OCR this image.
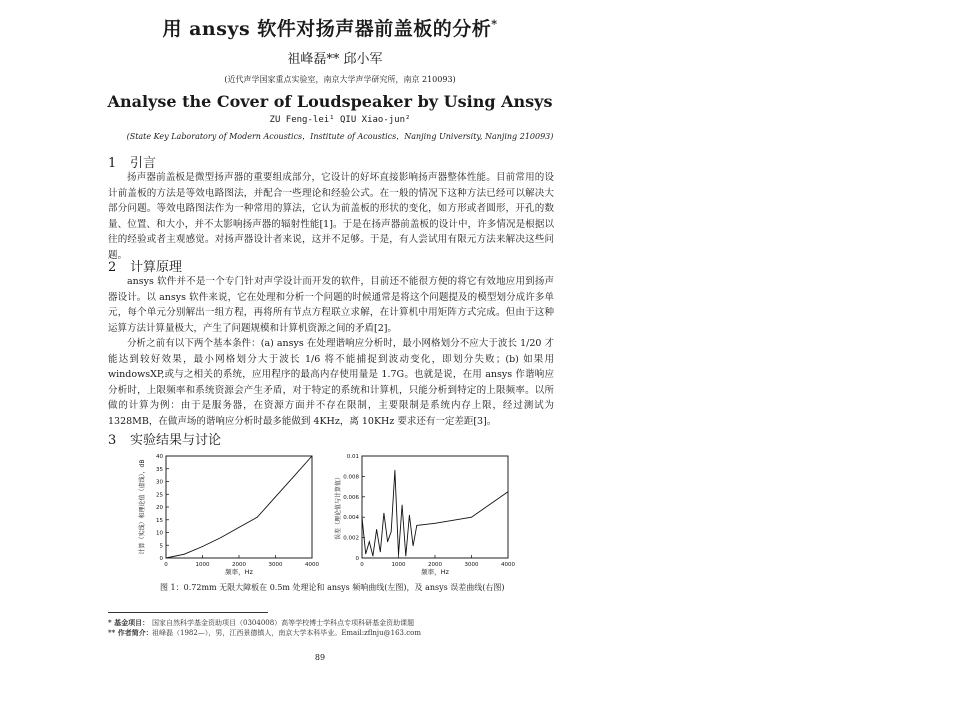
用 ansys 软件对扬声器前盖板的分析*
祖峰磊** 邱小军
(近代声学国家重点实验室，南京大学声学研究所，南京 210093)
Analyse the Cover of Loudspeaker by Using Ansys
ZU Feng-lei¹ QIU Xiao-jun²
(State Key Laboratory of Modern Acoustics，Institute of Acoustics，Nanjing University, Nanjing 210093)
1 引言

扬声器前盖板是微型扬声器的重要组成部分，它设计的好坏直接影响扬声器整体性能。目前常用的设计前盖板的方法是等效电路图法，并配合一些理论和经验公式。在一般的情况下这种方法已经可以解决大部分问题。等效电路图法作为一种常用的算法，它认为前盖板的形状的变化，如方形或者圆形，开孔的数量、位置、和大小，并不太影响扬声器的辐射性能[1]。于是在扬声器前盖板的设计中，许多情况是根据以往的经验或者主观感觉。对扬声器设计者来说，这并不足够。于是，有人尝试用有限元方法来解决这些问题。

2 计算原理

ansys 软件并不是一个专门针对声学设计而开发的软件，目前还不能很方便的将它有效地应用到扬声器设计。以 ansys 软件来说，它在处理和分析一个问题的时候通常是将这个问题提及的模型划分成许多单元，每个单元分别解出一组方程，再将所有节点方程联立求解，在计算机中用矩阵方式完成。但由于这种运算方法计算量极大，产生了问题规模和计算机资源之间的矛盾[2]。

分析之前有以下两个基本条件：(a) ansys 在处理谐响应分析时，最小网格划分不应大于波长 1/20 才能达到较好效果，最小网格划分大于波长 1/6 将不能捕捉到波动变化，即划分失败；(b) 如果用 windowsXP,或与之相关的系统，应用程序的最高内存使用量是 1.7G。也就是说，在用 ansys 作谐响应分析时，上限频率和系统资源会产生矛盾，对于特定的系统和计算机，只能分析到特定的上限频率。以所做的计算为例：由于是服务器，在资源方面并不存在限制，主要限制是系统内存上限，经过测试为 1328MB，在做声场的谐响应分析时最多能做到 4KHz，离 10KHz 要求还有一定差距[3]。

3 实验结果与讨论
0	1000	2000	3000	4000
0
5
10
15
20
25
30
35
40
频率，Hz
计算（实线）和理论值（虚线），dB
0	1000	2000	3000	4000
0
0.002
0.004
0.006
0.008
0.01
频率，Hz
误差（理论值与计算值）
图 1：0.72mm 无限大障板在 0.5m 处理论和 ansys 频响曲线(左图)，及 ansys 误差曲线(右图)
* 基金项目： 国家自然科学基金资助项目（0304008）高等学校博士学科点专项科研基金资助课题
** 作者简介：祖峰磊（1982—），男，江西景德镇人，南京大学本科毕业。Email:zflnju@163.com
89
